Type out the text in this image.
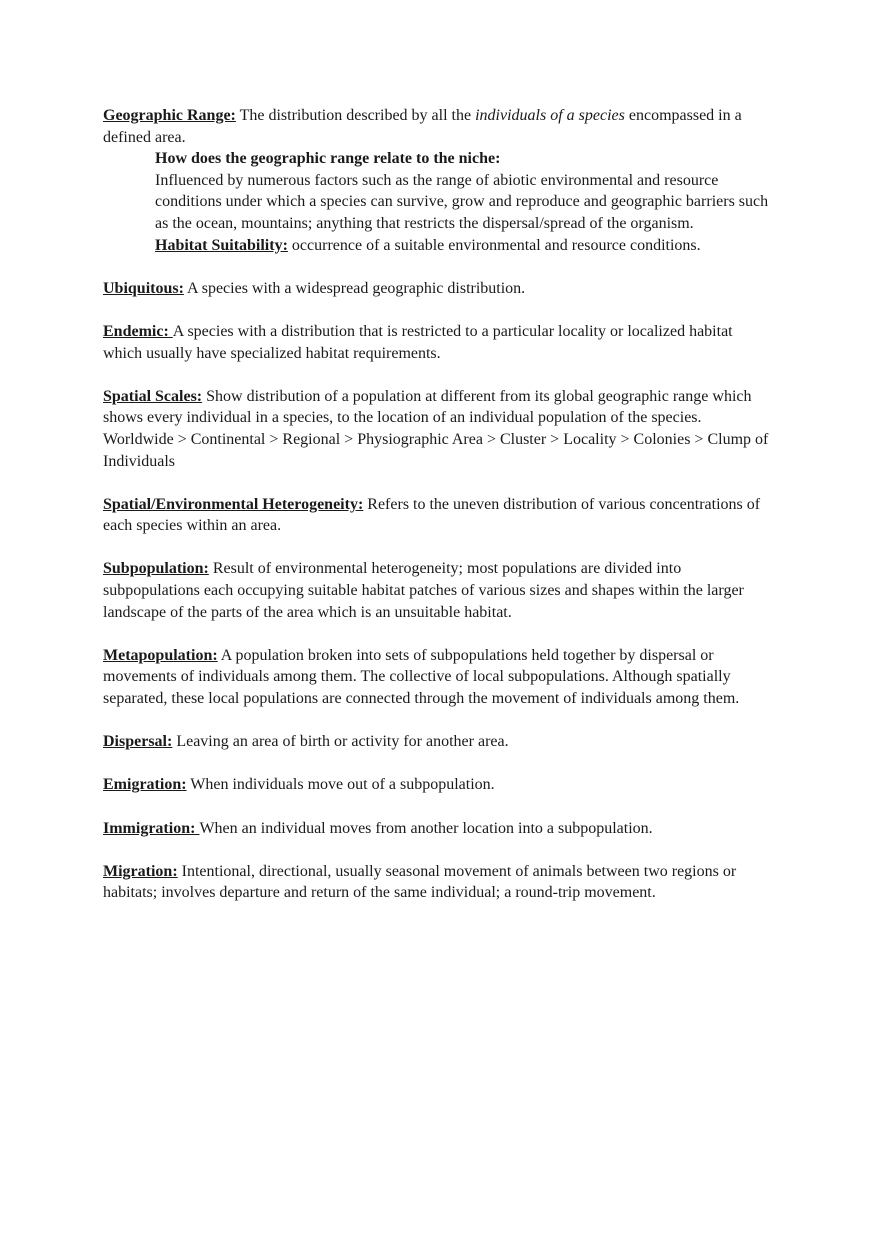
Geographic Range: The distribution described by all the individuals of a species encompassed in a defined area.

How does the geographic range relate to the niche:

Influenced by numerous factors such as the range of abiotic environmental and resource conditions under which a species can survive, grow and reproduce and geographic barriers such as the ocean, mountains; anything that restricts the dispersal/spread of the organism.

Habitat Suitability: occurrence of a suitable environmental and resource conditions.

Ubiquitous: A species with a widespread geographic distribution.

Endemic: A species with a distribution that is restricted to a particular locality or localized habitat which usually have specialized habitat requirements.

Spatial Scales: Show distribution of a population at different from its global geographic range which shows every individual in a species, to the location of an individual population of the species.

Worldwide > Continental > Regional > Physiographic Area > Cluster > Locality > Colonies > Clump of Individuals

Spatial/Environmental Heterogeneity: Refers to the uneven distribution of various concentrations of each species within an area.

Subpopulation: Result of environmental heterogeneity; most populations are divided into subpopulations each occupying suitable habitat patches of various sizes and shapes within the larger landscape of the parts of the area which is an unsuitable habitat.

Metapopulation: A population broken into sets of subpopulations held together by dispersal or movements of individuals among them. The collective of local subpopulations. Although spatially separated, these local populations are connected through the movement of individuals among them.

Dispersal: Leaving an area of birth or activity for another area.

Emigration: When individuals move out of a subpopulation.

Immigration: When an individual moves from another location into a subpopulation.

Migration: Intentional, directional, usually seasonal movement of animals between two regions or habitats; involves departure and return of the same individual; a round-trip movement.
